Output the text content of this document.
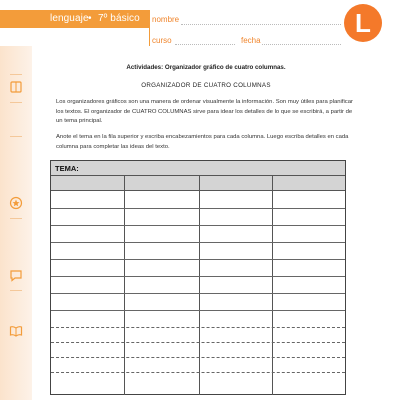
lenguaje • 7º básico nombre
curso	fecha
L
Actividades: Organizador gráfico de cuatro columnas.
ORGANIZADOR DE CUATRO COLUMNAS
Los organizadores gráficos son una manera de ordenar visualmente la información. Son muy útiles para planificar los textos. El organizador de CUATRO COLUMNAS sirve para idear los detalles de lo que se escribirá, a partir de un tema principal.
Anote el tema en la fila superior y escriba encabezamientos para cada columna. Luego escriba detalles en cada columna para completar las ideas del texto.
TEMA:
